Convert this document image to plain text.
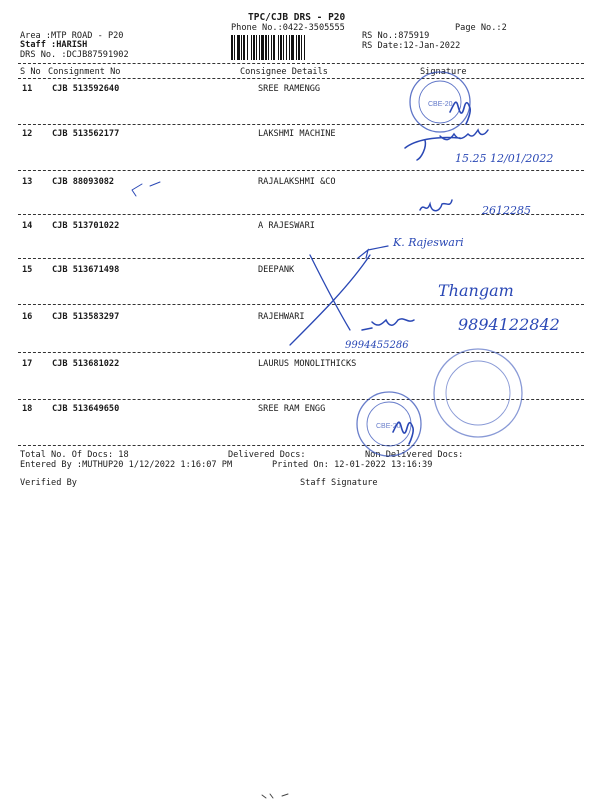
TPC/CJB DRS - P20
Phone No.:0422-3505555	Page No.:2
Area :MTP ROAD - P20
Staff :HARISH
DRS No. :DCJB87591902
RS No.:875919
RS Date:12-Jan-2022
S No Consignment No	Consignee Details	Signature
11 CJB 513592640	SREE RAMENGG
12 CJB 513562177	LAKSHMI MACHINE
13 CJB 88093082	RAJALAKSHMI &CO
14 CJB 513701022	A RAJESWARI
15 CJB 513671498	DEEPANK
16 CJB 513583297	RAJEHWARI
17 CJB 513681022	LAURUS MONOLITHICKS
18 CJB 513649650	SREE RAM ENGG
Total No. Of Docs: 18	Delivered Docs:	Non Delivered Docs:
Entered By :MUTHUP20 1/12/2022 1:16:07 PM	Printed On: 12-01-2022 13:16:39
Verified By	Staff Signature
CBE-20
15.25 12/01/2022
2612285
K. Rajeswari
Thangam
9894122842
9994455286
CBE-20
